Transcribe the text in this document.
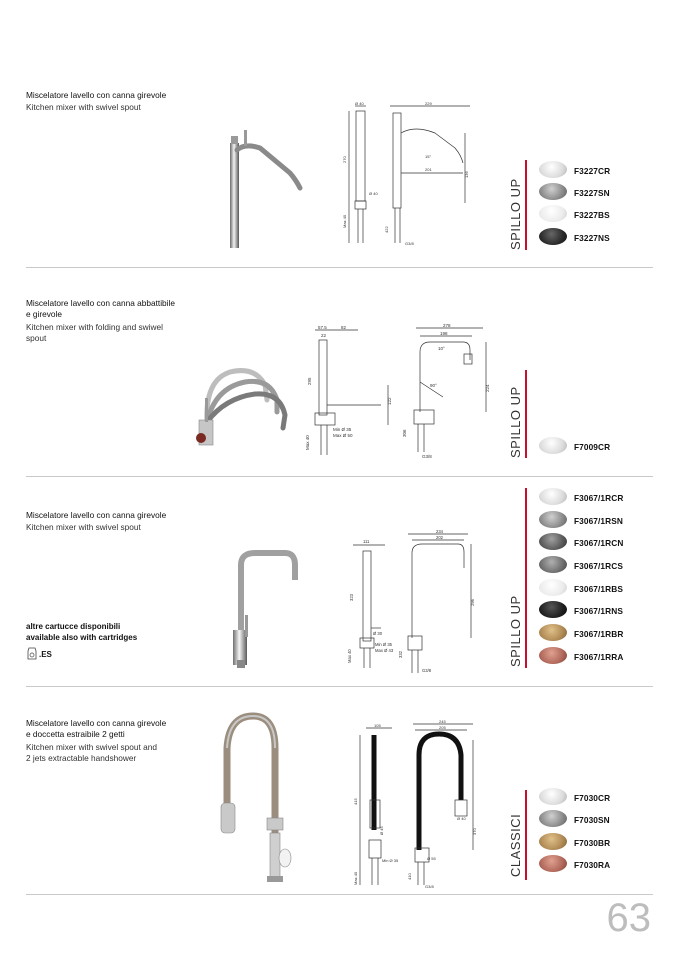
Miscelatore lavello con canna girevole
Kitchen mixer with swivel spout	Ø 40
270
Ø 40
Max 40
229
15°
201
136
422
G3/8	SPILLO UP
F3227CR
F3227SN
F3227BS
F3227NS
Miscelatore lavello con canna abbattibile
e girevole
Kitchen mixer with folding and swiwel
spout
57.5	82
22
295
122
Max 40
Min Ø 35
Max Ø 50
278
198
10°
90°	224
306
G3/8	SPILLO UP	F7009CR
Miscelatore lavello con canna girevole
Kitchen mixer with swivel spout
altre cartucce disponibili
available also with cartridges
.ES
111
323
Ø 30
Max 40
Min Ø 35
Max Ø 43
234
202
296
332
G3/8
SPILLO UP
F3067/1RCR
F3067/1RSN
F3067/1RCN
F3067/1RCS
F3067/1RBS
F3067/1RNS
F3067/1RBR
F3067/1RRA
Miscelatore lavello con canna girevole
e doccetta estraibile 2 getti
Kitchen mixer with swivel spout and
2 jets extractable handshower
105
415
Ø 45
Min Ø 35
Max 40
245
205
Ø 40
370
Ø 55
410
G3/8
CLASSICI
F7030CR
F7030SN
F7030BR
F7030RA
63
